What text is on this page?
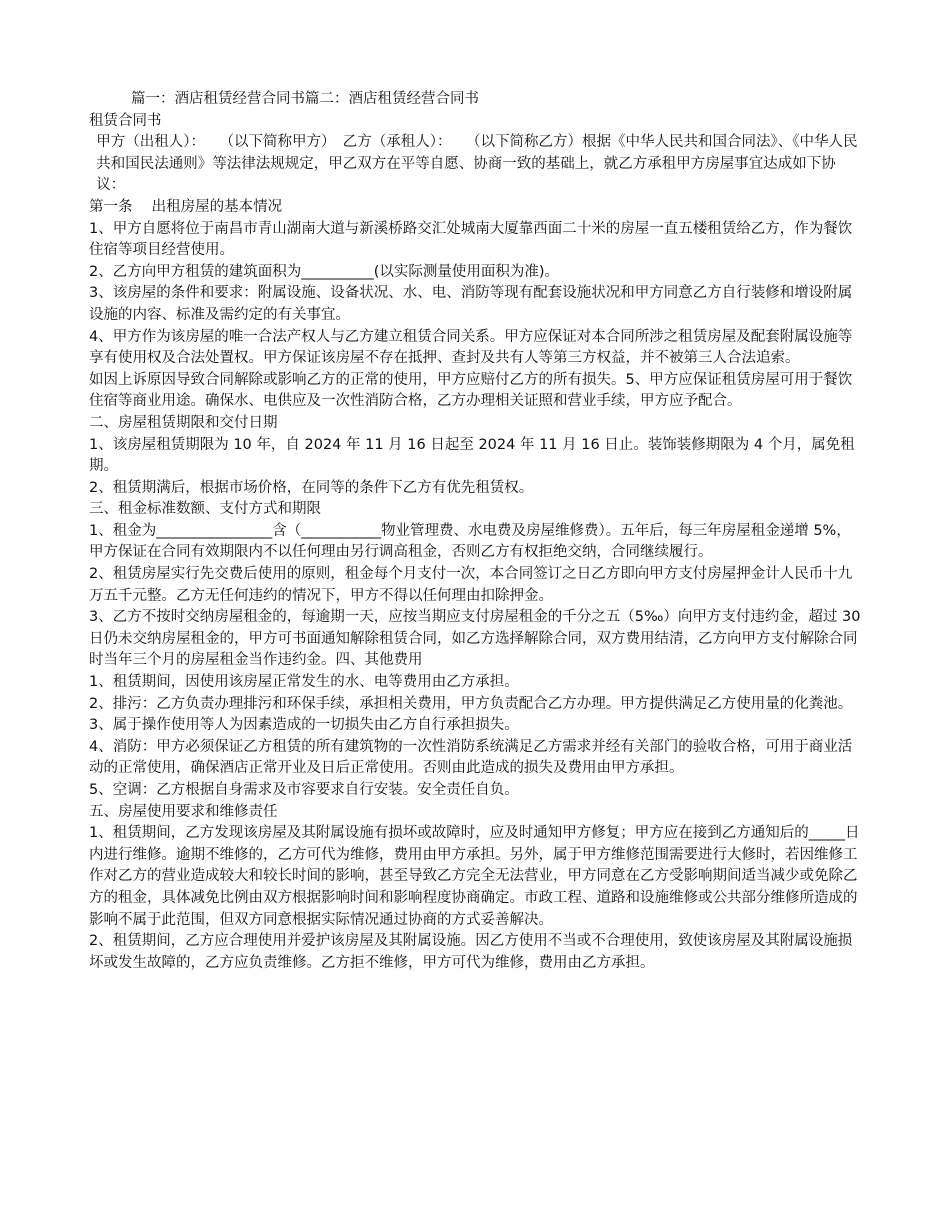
篇一：酒店租赁经营合同书篇二：酒店租赁经营合同书

租赁合同书

甲方（出租人）：　　（以下简称甲方）　乙方（承租人）：　　（以下简称乙方）根据《中华人民共和国合同法》、《中华人民共和国民法通则》等法律法规规定，甲乙双方在平等自愿、协商一致的基础上，就乙方承租甲方房屋事宜达成如下协议：

第一条　 出租房屋的基本情况

1、甲方自愿将位于南昌市青山湖南大道与新溪桥路交汇处城南大厦靠西面二十米的房屋一直五楼租赁给乙方，作为餐饮住宿等项目经营使用。

2、乙方向甲方租赁的建筑面积为__________(以实际测量使用面积为准)。

3、该房屋的条件和要求：附属设施、设备状况、水、电、消防等现有配套设施状况和甲方同意乙方自行装修和增设附属设施的内容、标准及需约定的有关事宜。

4、甲方作为该房屋的唯一合法产权人与乙方建立租赁合同关系。甲方应保证对本合同所涉之租赁房屋及配套附属设施等享有使用权及合法处置权。甲方保证该房屋不存在抵押、查封及共有人等第三方权益，并不被第三人合法追索。

如因上诉原因导致合同解除或影响乙方的正常的使用，甲方应赔付乙方的所有损失。5、甲方应保证租赁房屋可用于餐饮住宿等商业用途。确保水、电供应及一次性消防合格，乙方办理相关证照和营业手续，甲方应予配合。

二、房屋租赁期限和交付日期

1、该房屋租赁期限为 10 年，自 2024 年 11 月 16 日起至 2024 年 11 月 16 日止。装饰装修期限为 4 个月，属免租期。

2、租赁期满后，根据市场价格，在同等的条件下乙方有优先租赁权。

三、租金标准数额、支付方式和期限

1、租金为________________含（___________物业管理费、水电费及房屋维修费）。五年后，每三年房屋租金递增 5%，甲方保证在合同有效期限内不以任何理由另行调高租金，否则乙方有权拒绝交纳，合同继续履行。

2、租赁房屋实行先交费后使用的原则，租金每个月支付一次，本合同签订之日乙方即向甲方支付房屋押金计人民币十九万五千元整。乙方无任何违约的情况下，甲方不得以任何理由扣除押金。

3、乙方不按时交纳房屋租金的，每逾期一天，应按当期应支付房屋租金的千分之五（5‰）向甲方支付违约金，超过 30 日仍未交纳房屋租金的，甲方可书面通知解除租赁合同，如乙方选择解除合同，双方费用结清，乙方向甲方支付解除合同时当年三个月的房屋租金当作违约金。四、其他费用

1、租赁期间，因使用该房屋正常发生的水、电等费用由乙方承担。

2、排污：乙方负责办理排污和环保手续，承担相关费用，甲方负责配合乙方办理。甲方提供满足乙方使用量的化粪池。

3、属于操作使用等人为因素造成的一切损失由乙方自行承担损失。

4、消防：甲方必须保证乙方租赁的所有建筑物的一次性消防系统满足乙方需求并经有关部门的验收合格，可用于商业活动的正常使用，确保酒店正常开业及日后正常使用。否则由此造成的损失及费用由甲方承担。

5、空调：乙方根据自身需求及市容要求自行安装。安全责任自负。

五、房屋使用要求和维修责任

1、租赁期间，乙方发现该房屋及其附属设施有损坏或故障时，应及时通知甲方修复；甲方应在接到乙方通知后的_____日内进行维修。逾期不维修的，乙方可代为维修，费用由甲方承担。另外，属于甲方维修范围需要进行大修时，若因维修工作对乙方的营业造成较大和较长时间的影响，甚至导致乙方完全无法营业，甲方同意在乙方受影响期间适当减少或免除乙方的租金，具体减免比例由双方根据影响时间和影响程度协商确定。市政工程、道路和设施维修或公共部分维修所造成的影响不属于此范围，但双方同意根据实际情况通过协商的方式妥善解决。

2、租赁期间，乙方应合理使用并爱护该房屋及其附属设施。因乙方使用不当或不合理使用，致使该房屋及其附属设施损坏或发生故障的，乙方应负责维修。乙方拒不维修，甲方可代为维修，费用由乙方承担。
